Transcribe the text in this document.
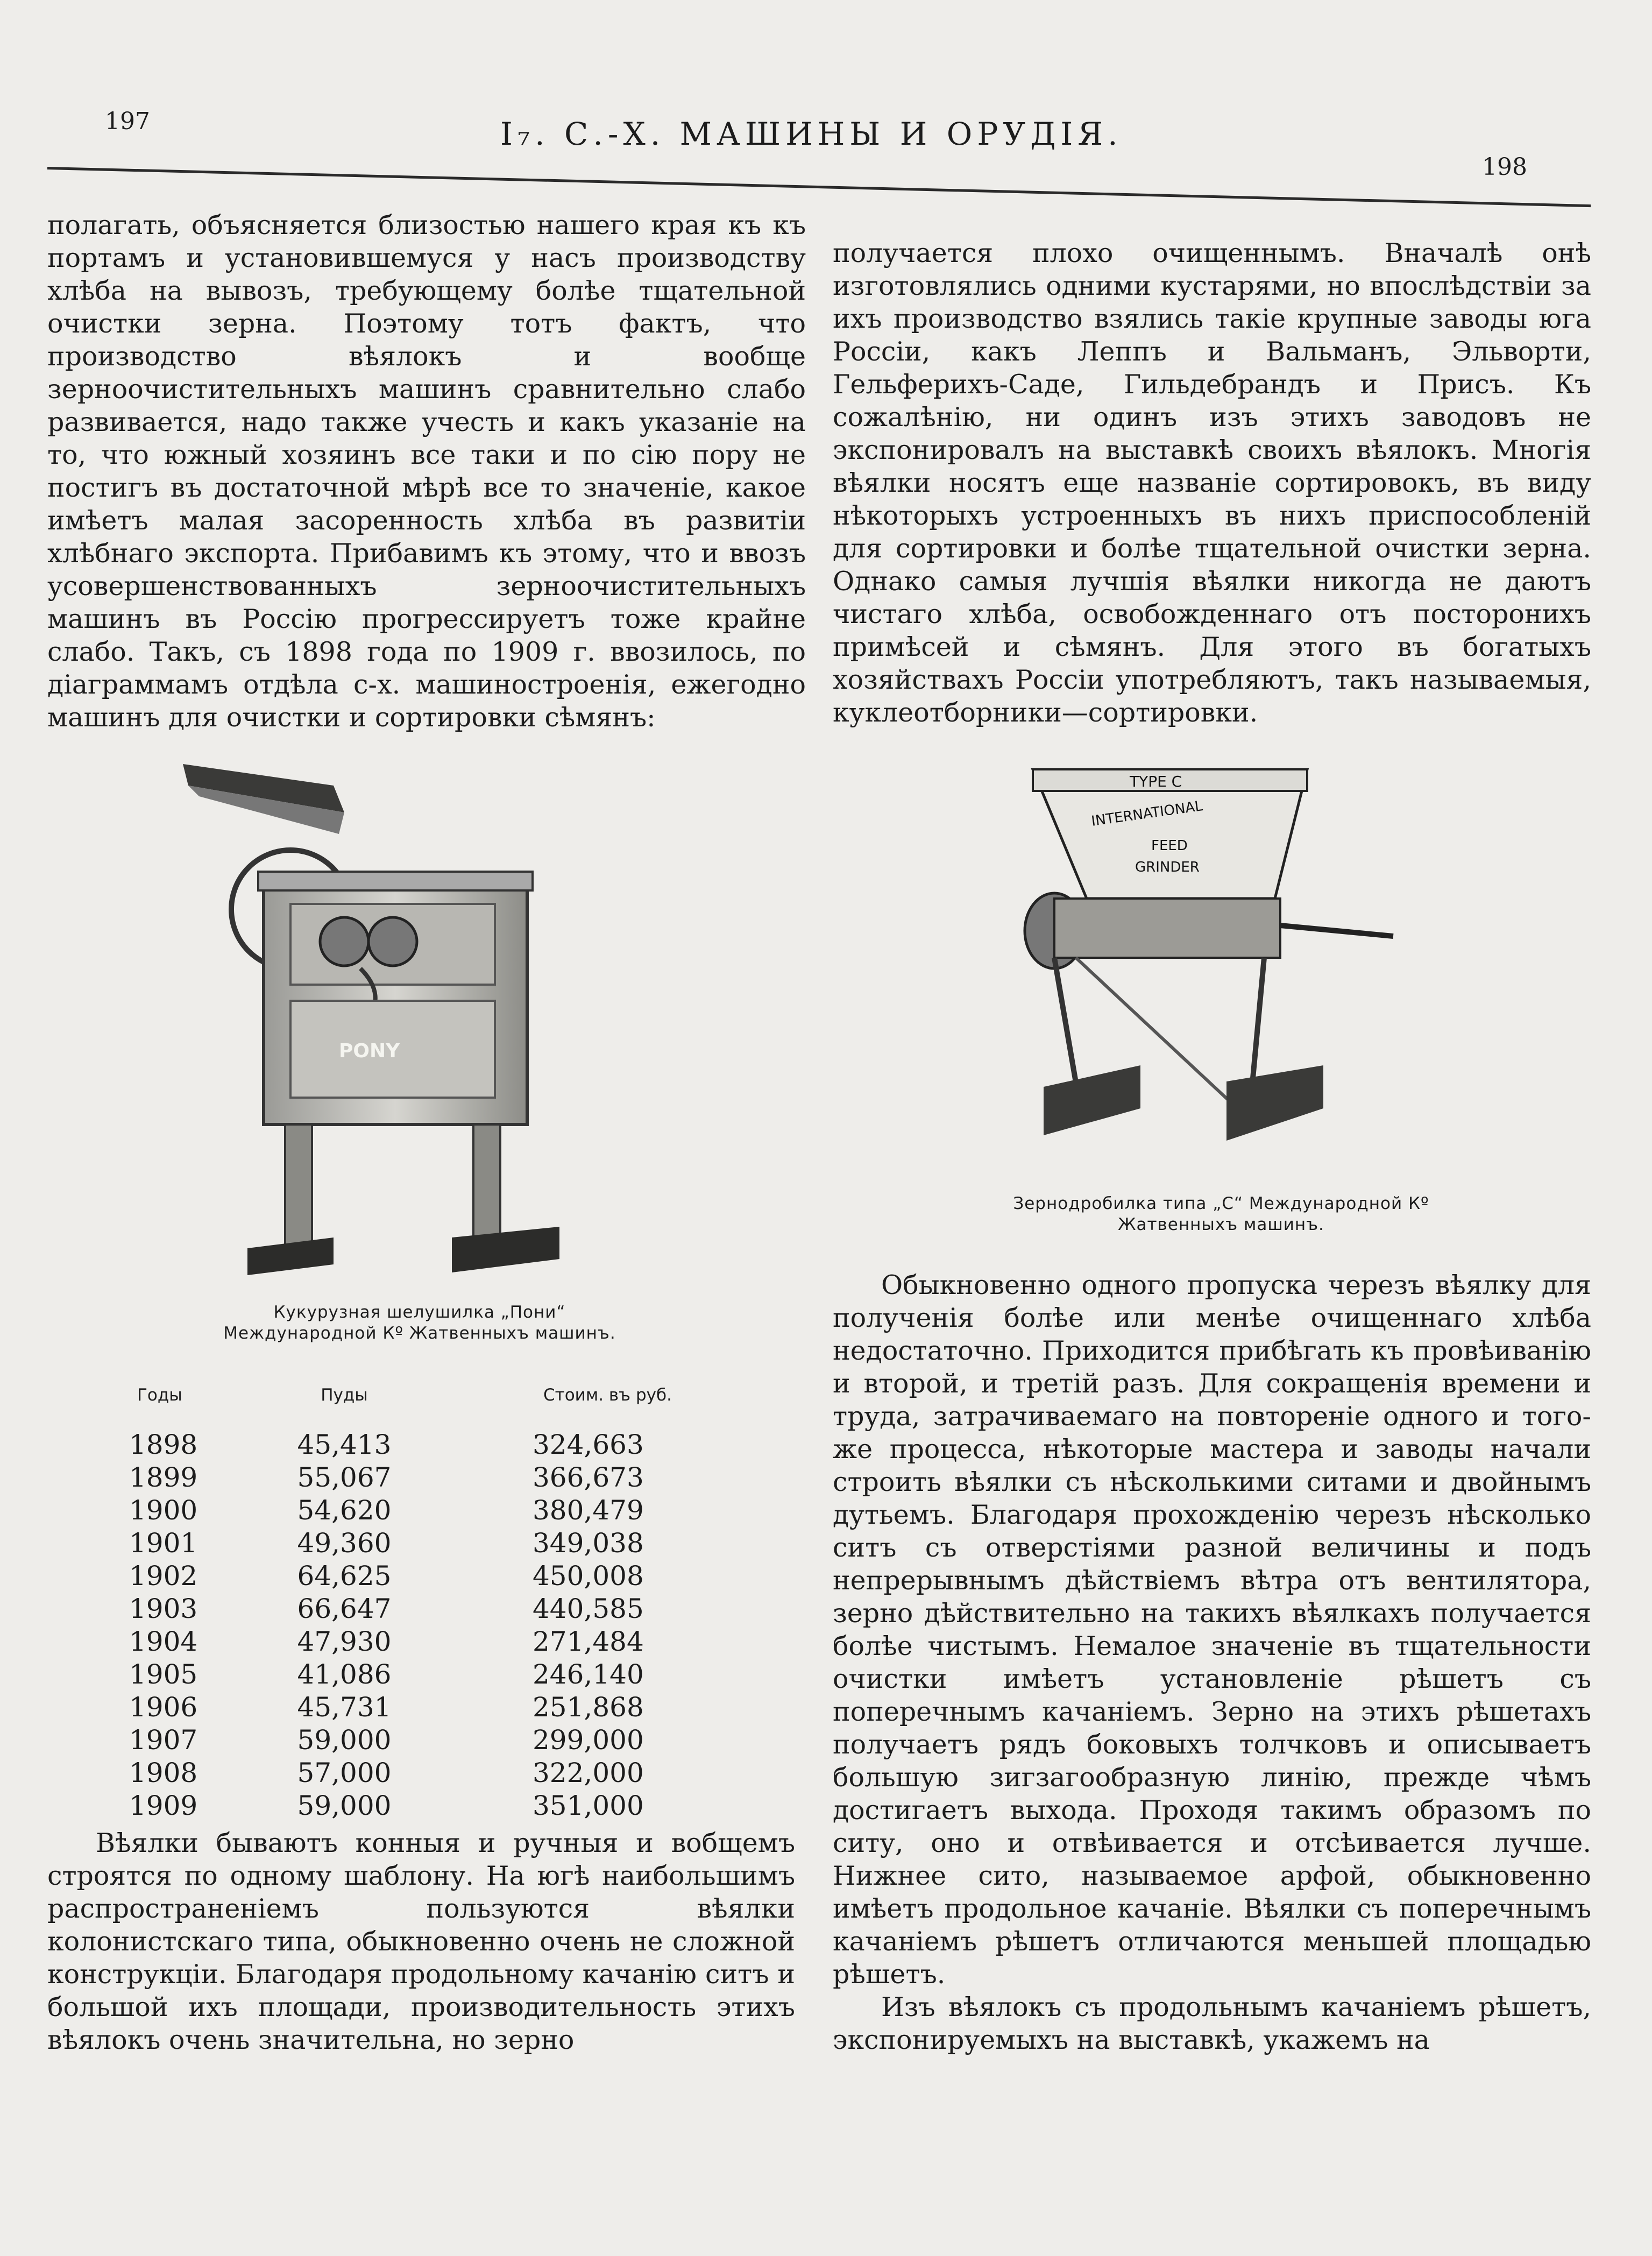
197	I₇. С.-Х. МАШИНЫ И ОРУДІЯ.
198

полагать, объясняется близостью нашего края къ къ портамъ и установившемуся у насъ производству хлѣба на вывозъ, требующему болѣе тщательной очистки зерна. Поэтому тотъ фактъ, что производство вѣялокъ и вообще зерноочистительныхъ машинъ сравнительно слабо развивается, надо также учесть и какъ указаніе на то, что южный хозяинъ все таки и по сію пору не постигъ въ достаточной мѣрѣ все то значеніе, какое имѣетъ малая засоренность хлѣба въ развитіи хлѣбнаго экспорта. Прибавимъ къ этому, что и ввозъ усовершенствованныхъ зерноочистительныхъ машинъ въ Россію прогрессируетъ тоже крайне слабо. Такъ, съ 1898 года по 1909 г. ввозилось, по діаграммамъ отдѣла с-х. машиностроенія, ежегодно машинъ для очистки и сортировки сѣмянъ:

получается плохо очищеннымъ. Вначалѣ онѣ изготовлялись одними кустарями, но впослѣдствіи за ихъ производство взялись такіе крупные заводы юга Россіи, какъ Леппъ и Вальманъ, Эльворти, Гельферихъ-Саде, Гильдебрандъ и Присъ. Къ сожалѣнію, ни одинъ изъ этихъ заводовъ не экспонировалъ на выставкѣ своихъ вѣялокъ. Многія вѣялки носятъ еще названіе сортировокъ, въ виду нѣкоторыхъ устроенныхъ въ нихъ приспособленій для сортировки и болѣе тщательной очистки зерна. Однако самыя лучшія вѣялки никогда не даютъ чистаго хлѣба, освобожденнаго отъ посторонихъ примѣсей и сѣмянъ. Для этого въ богатыхъ хозяйствахъ Россіи употребляютъ, такъ называемыя, куклеотборники—сортировки.

PONY
Кукурузная шелушилка „Пони“ Международной Кº Жатвенныхъ машинъ.
TYPE C
INTERNATIONAL
FEED
GRINDER
Зернодробилка типа „С“ Международной Кº Жатвенныхъ машинъ.
Годы	Пуды	Стоим. въ руб.
1898	45,413	324,663
1899	55,067	366,673
1900	54,620	380,479
1901	49,360	349,038
1902	64,625	450,008
1903	66,647	440,585
1904	47,930	271,484
1905	41,086	246,140
1906	45,731	251,868
1907	59,000	299,000
1908	57,000	322,000
1909	59,000	351,000

Вѣялки бываютъ конныя и ручныя и вобщемъ строятся по одному шаблону. На югѣ наибольшимъ распространеніемъ пользуются вѣялки колонистскаго типа, обыкновенно очень не сложной конструкціи. Благодаря продольному качанію ситъ и большой ихъ площади, производительность этихъ вѣялокъ очень значительна, но зерно

Обыкновенно одного пропуска черезъ вѣялку для полученія болѣе или менѣе очищеннаго хлѣба недостаточно. Приходится прибѣгать къ провѣиванію и второй, и третій разъ. Для сокращенія времени и труда, затрачиваемаго на повтореніе одного и того-же процесса, нѣкоторые мастера и заводы начали строить вѣялки съ нѣсколькими ситами и двойнымъ дутьемъ. Благодаря прохожденію черезъ нѣсколько ситъ съ отверстіями разной величины и подъ непрерывнымъ дѣйствіемъ вѣтра отъ вентилятора, зерно дѣйствительно на такихъ вѣялкахъ получается болѣе чистымъ. Немалое значеніе въ тщательности очистки имѣетъ установленіе рѣшетъ съ поперечнымъ качаніемъ. Зерно на этихъ рѣшетахъ получаетъ рядъ боковыхъ толчковъ и описываетъ большую зигзагообразную линію, прежде чѣмъ достигаетъ выхода. Проходя такимъ образомъ по ситу, оно и отвѣивается и отсѣивается лучше. Нижнее сито, называемое арфой, обыкновенно имѣетъ продольное качаніе. Вѣялки съ поперечнымъ качаніемъ рѣшетъ отличаются меньшей площадью рѣшетъ.

Изъ вѣялокъ съ продольнымъ качаніемъ рѣшетъ, экспонируемыхъ на выставкѣ, укажемъ на
